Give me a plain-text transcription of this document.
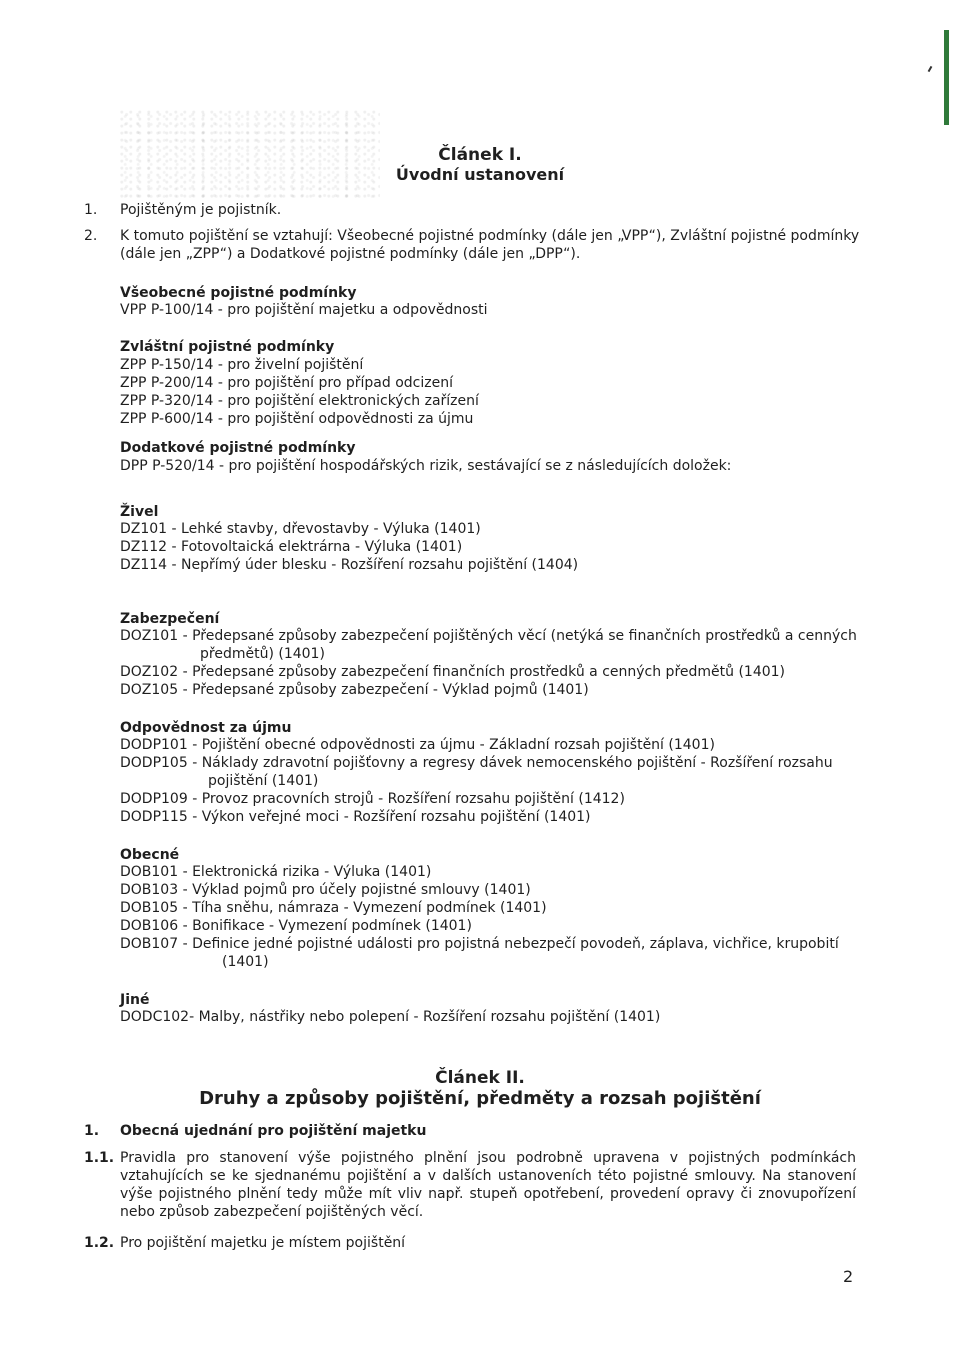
Článek I.
Úvodní ustanovení
1.	Pojištěným je pojistník.
2.	K tomuto pojištění se vztahují: Všeobecné pojistné podmínky (dále jen „VPP“), Zvláštní pojistné podmínky
(dále jen „ZPP“) a Dodatkové pojistné podmínky (dále jen „DPP“).
Všeobecné pojistné podmínky
VPP P-100/14 - pro pojištění majetku a odpovědnosti
Zvláštní pojistné podmínky
ZPP P-150/14 - pro živelní pojištění
ZPP P-200/14 - pro pojištění pro případ odcizení
ZPP P-320/14 - pro pojištění elektronických zařízení
ZPP P-600/14 - pro pojištění odpovědnosti za újmu
Dodatkové pojistné podmínky
DPP P-520/14 - pro pojištění hospodářských rizik, sestávající se z následujících doložek:
Živel
DZ101 - Lehké stavby, dřevostavby - Výluka (1401)
DZ112 - Fotovoltaická elektrárna - Výluka (1401)
DZ114 - Nepřímý úder blesku - Rozšíření rozsahu pojištění (1404)
Zabezpečení
DOZ101 - Předepsané způsoby zabezpečení pojištěných věcí (netýká se finančních prostředků a cenných
předmětů) (1401)
DOZ102 - Předepsané způsoby zabezpečení finančních prostředků a cenných předmětů (1401)
DOZ105 - Předepsané způsoby zabezpečení - Výklad pojmů (1401)
Odpovědnost za újmu
DODP101 - Pojištění obecné odpovědnosti za újmu - Základní rozsah pojištění (1401)
DODP105 - Náklady zdravotní pojišťovny a regresy dávek nemocenského pojištění - Rozšíření rozsahu
pojištění (1401)
DODP109 - Provoz pracovních strojů - Rozšíření rozsahu pojištění (1412)
DODP115 - Výkon veřejné moci - Rozšíření rozsahu pojištění (1401)
Obecné
DOB101 - Elektronická rizika - Výluka (1401)
DOB103 - Výklad pojmů pro účely pojistné smlouvy (1401)
DOB105 - Tíha sněhu, námraza - Vymezení podmínek (1401)
DOB106 - Bonifikace - Vymezení podmínek (1401)
DOB107 - Definice jedné pojistné události pro pojistná nebezpečí povodeň, záplava, vichřice, krupobití
(1401)
Jiné
DODC102- Malby, nástřiky nebo polepení - Rozšíření rozsahu pojištění (1401)
Článek II.
Druhy a způsoby pojištění, předměty a rozsah pojištění
1.	Obecná ujednání pro pojištění majetku
1.1. Pravidla pro stanovení výše pojistného plnění jsou podrobně upravena v pojistných podmínkách vztahujících se ke sjednanému pojištění a v dalších ustanoveních této pojistné smlouvy. Na stanovení výše pojistného plnění tedy může mít vliv např. stupeň opotřebení, provedení opravy či znovupořízení nebo způsob zabezpečení pojištěných věcí.
1.2. Pro pojištění majetku je místem pojištění
2
